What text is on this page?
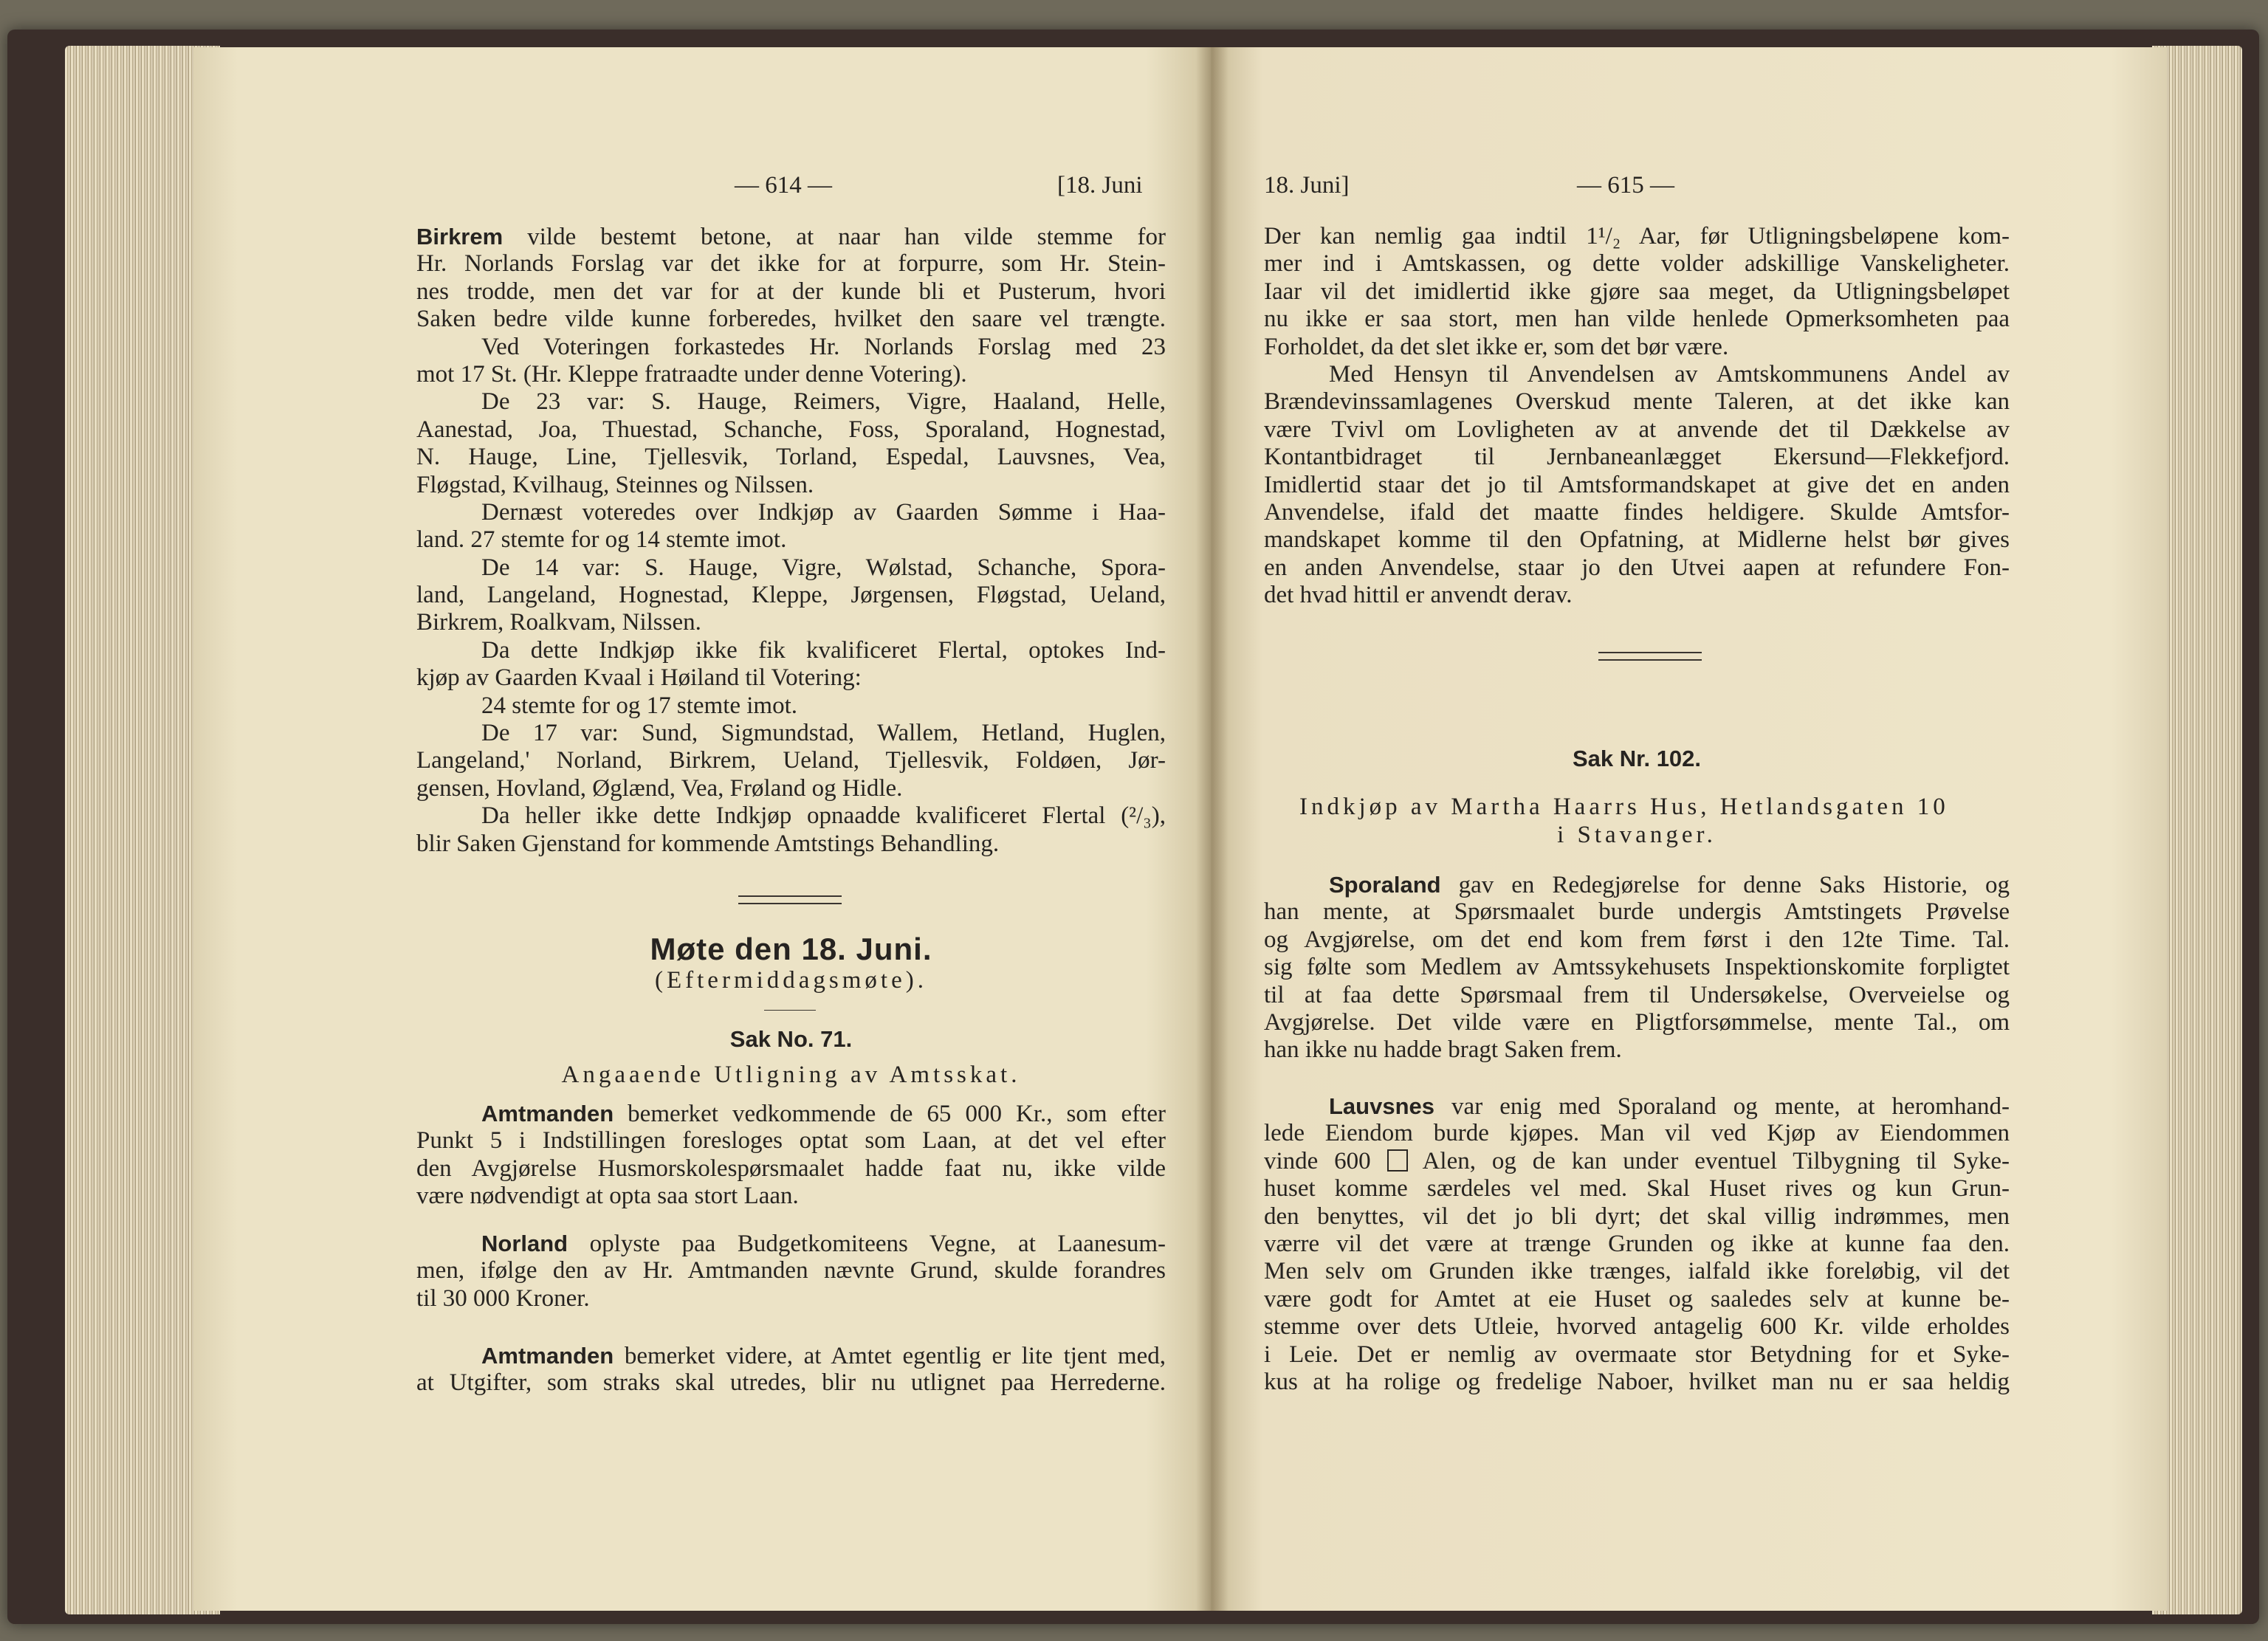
— 614 —	[18. Juni
Birkrem vilde bestemt betone, at naar han vilde stemme for
Hr. Norlands Forslag var det ikke for at forpurre, som Hr. Stein-
nes trodde, men det var for at der kunde bli et Pusterum, hvori
Saken bedre vilde kunne forberedes, hvilket den saare vel trængte.
Ved Voteringen forkastedes Hr. Norlands Forslag med 23
mot 17 St. (Hr. Kleppe fratraadte under denne Votering).
De 23 var: S. Hauge, Reimers, Vigre, Haaland, Helle,
Aanestad, Joa, Thuestad, Schanche, Foss, Sporaland, Hognestad,
N. Hauge, Line, Tjellesvik, Torland, Espedal, Lauvsnes, Vea,
Fløgstad, Kvilhaug, Steinnes og Nilssen.
Dernæst voteredes over Indkjøp av Gaarden Sømme i Haa-
land. 27 stemte for og 14 stemte imot.
De 14 var: S. Hauge, Vigre, Wølstad, Schanche, Spora-
land, Langeland, Hognestad, Kleppe, Jørgensen, Fløgstad, Ueland,
Birkrem, Roalkvam, Nilssen.
Da dette Indkjøp ikke fik kvalificeret Flertal, optokes Ind-
kjøp av Gaarden Kvaal i Høiland til Votering:
24 stemte for og 17 stemte imot.
De 17 var: Sund, Sigmundstad, Wallem, Hetland, Huglen,
Langeland,' Norland, Birkrem, Ueland, Tjellesvik, Foldøen, Jør-
gensen, Hovland, Øglænd, Vea, Frøland og Hidle.
Da heller ikke dette Indkjøp opnaadde kvalificeret Flertal (²/₃),
blir Saken Gjenstand for kommende Amtstings Behandling.
Møte den 18. Juni.
(Eftermiddagsmøte).
Sak No. 71.
Angaaende Utligning av Amtsskat.
Amtmanden bemerket vedkommende de 65 000 Kr., som efter
Punkt 5 i Indstillingen foresloges optat som Laan, at det vel efter
den Avgjørelse Husmorskolespørsmaalet hadde faat nu, ikke vilde
være nødvendigt at opta saa stort Laan.
Norland oplyste paa Budgetkomiteens Vegne, at Laanesum-
men, ifølge den av Hr. Amtmanden nævnte Grund, skulde forandres
til 30 000 Kroner.
Amtmanden bemerket videre, at Amtet egentlig er lite tjent med,
at Utgifter, som straks skal utredes, blir nu utlignet paa Herrederne.
18. Juni]	— 615 —
Der kan nemlig gaa indtil 1¹/₂ Aar, før Utligningsbeløpene kom-
mer ind i Amtskassen, og dette volder adskillige Vanskeligheter.
Iaar vil det imidlertid ikke gjøre saa meget, da Utligningsbeløpet
nu ikke er saa stort, men han vilde henlede Opmerksomheten paa
Forholdet, da det slet ikke er, som det bør være.
Med Hensyn til Anvendelsen av Amtskommunens Andel av
Brændevinssamlagenes Overskud mente Taleren, at det ikke kan
være Tvivl om Lovligheten av at anvende det til Dækkelse av
Kontantbidraget til Jernbaneanlægget Ekersund—Flekkefjord.
Imidlertid staar det jo til Amtsformandskapet at give det en anden
Anvendelse, ifald det maatte findes heldigere. Skulde Amtsfor-
mandskapet komme til den Opfatning, at Midlerne helst bør gives
en anden Anvendelse, staar jo den Utvei aapen at refundere Fon-
det hvad hittil er anvendt derav.
Sak Nr. 102.
Indkjøp av Martha Haarrs Hus, Hetlandsgaten 10
i Stavanger.
Sporaland gav en Redegjørelse for denne Saks Historie, og
han mente, at Spørsmaalet burde undergis Amtstingets Prøvelse
og Avgjørelse, om det end kom frem først i den 12te Time. Tal.
sig følte som Medlem av Amtssykehusets Inspektionskomite forpligtet
til at faa dette Spørsmaal frem til Undersøkelse, Overveielse og
Avgjørelse. Det vilde være en Pligtforsømmelse, mente Tal., om
han ikke nu hadde bragt Saken frem.
Lauvsnes var enig med Sporaland og mente, at heromhand-
lede Eiendom burde kjøpes. Man vil ved Kjøp av Eiendommen
vinde 600  Alen, og de kan under eventuel Tilbygning til Syke-
huset komme særdeles vel med. Skal Huset rives og kun Grun-
den benyttes, vil det jo bli dyrt; det skal villig indrømmes, men
værre vil det være at trænge Grunden og ikke at kunne faa den.
Men selv om Grunden ikke trænges, ialfald ikke foreløbig, vil det
være godt for Amtet at eie Huset og saaledes selv at kunne be-
stemme over dets Utleie, hvorved antagelig 600 Kr. vilde erholdes
i Leie. Det er nemlig av overmaate stor Betydning for et Syke-
kus at ha rolige og fredelige Naboer, hvilket man nu er saa heldig
